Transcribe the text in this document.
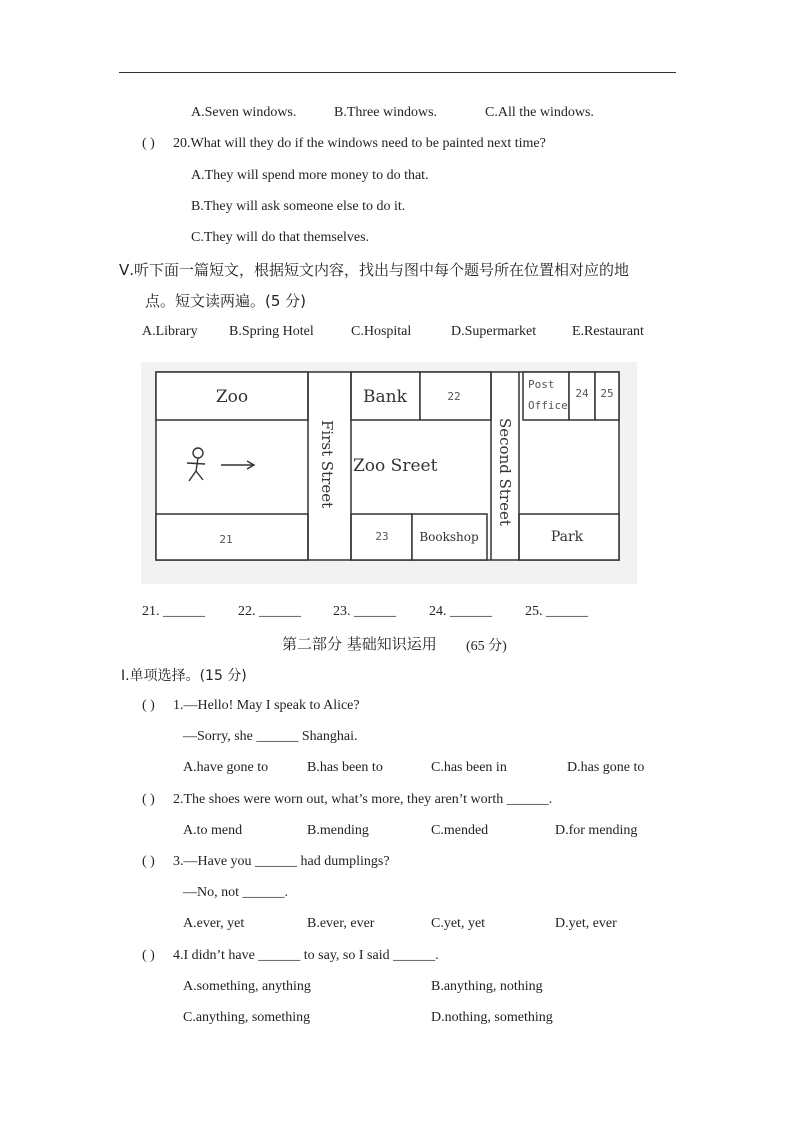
A.Seven windows.	B.Three windows.	C.All the windows.
( ) 20.What will they do if the windows need to be painted next time?
A.They will spend more money to do that.
B.They will ask someone else to do it.
C.They will do that themselves.
Ⅴ.听下面一篇短文，根据短文内容，找出与图中每个题号所在位置相对应的地
点。短文读两遍。(5 分)
A.Library B.Spring Hotel	C.Hospital	D.Supermarket	E.Restaurant
Zoo	Bank	22
Post
Office
24 25
First Street Zoo Sreet	Second Street
21	23	Bookshop	Park
21. ______ 22. ______ 23. ______ 24. ______ 25. ______
第二部分 基础知识运用 (65 分)
Ⅰ.单项选择。(15 分)
( ) 1.—Hello! May I speak to Alice?
—Sorry, she ______ Shanghai.
A.have gone to	B.has been to	C.has been in	D.has gone to
( ) 2.The shoes were worn out, what’s more, they aren’t worth ______.
A.to mend	B.mending	C.mended	D.for mending
( ) 3.—Have you ______ had dumplings?
—No, not ______.
A.ever, yet	B.ever, ever	C.yet, yet	D.yet, ever
( ) 4.I didn’t have ______ to say, so I said ______.
A.something, anything	B.anything, nothing
C.anything, something	D.nothing, something
